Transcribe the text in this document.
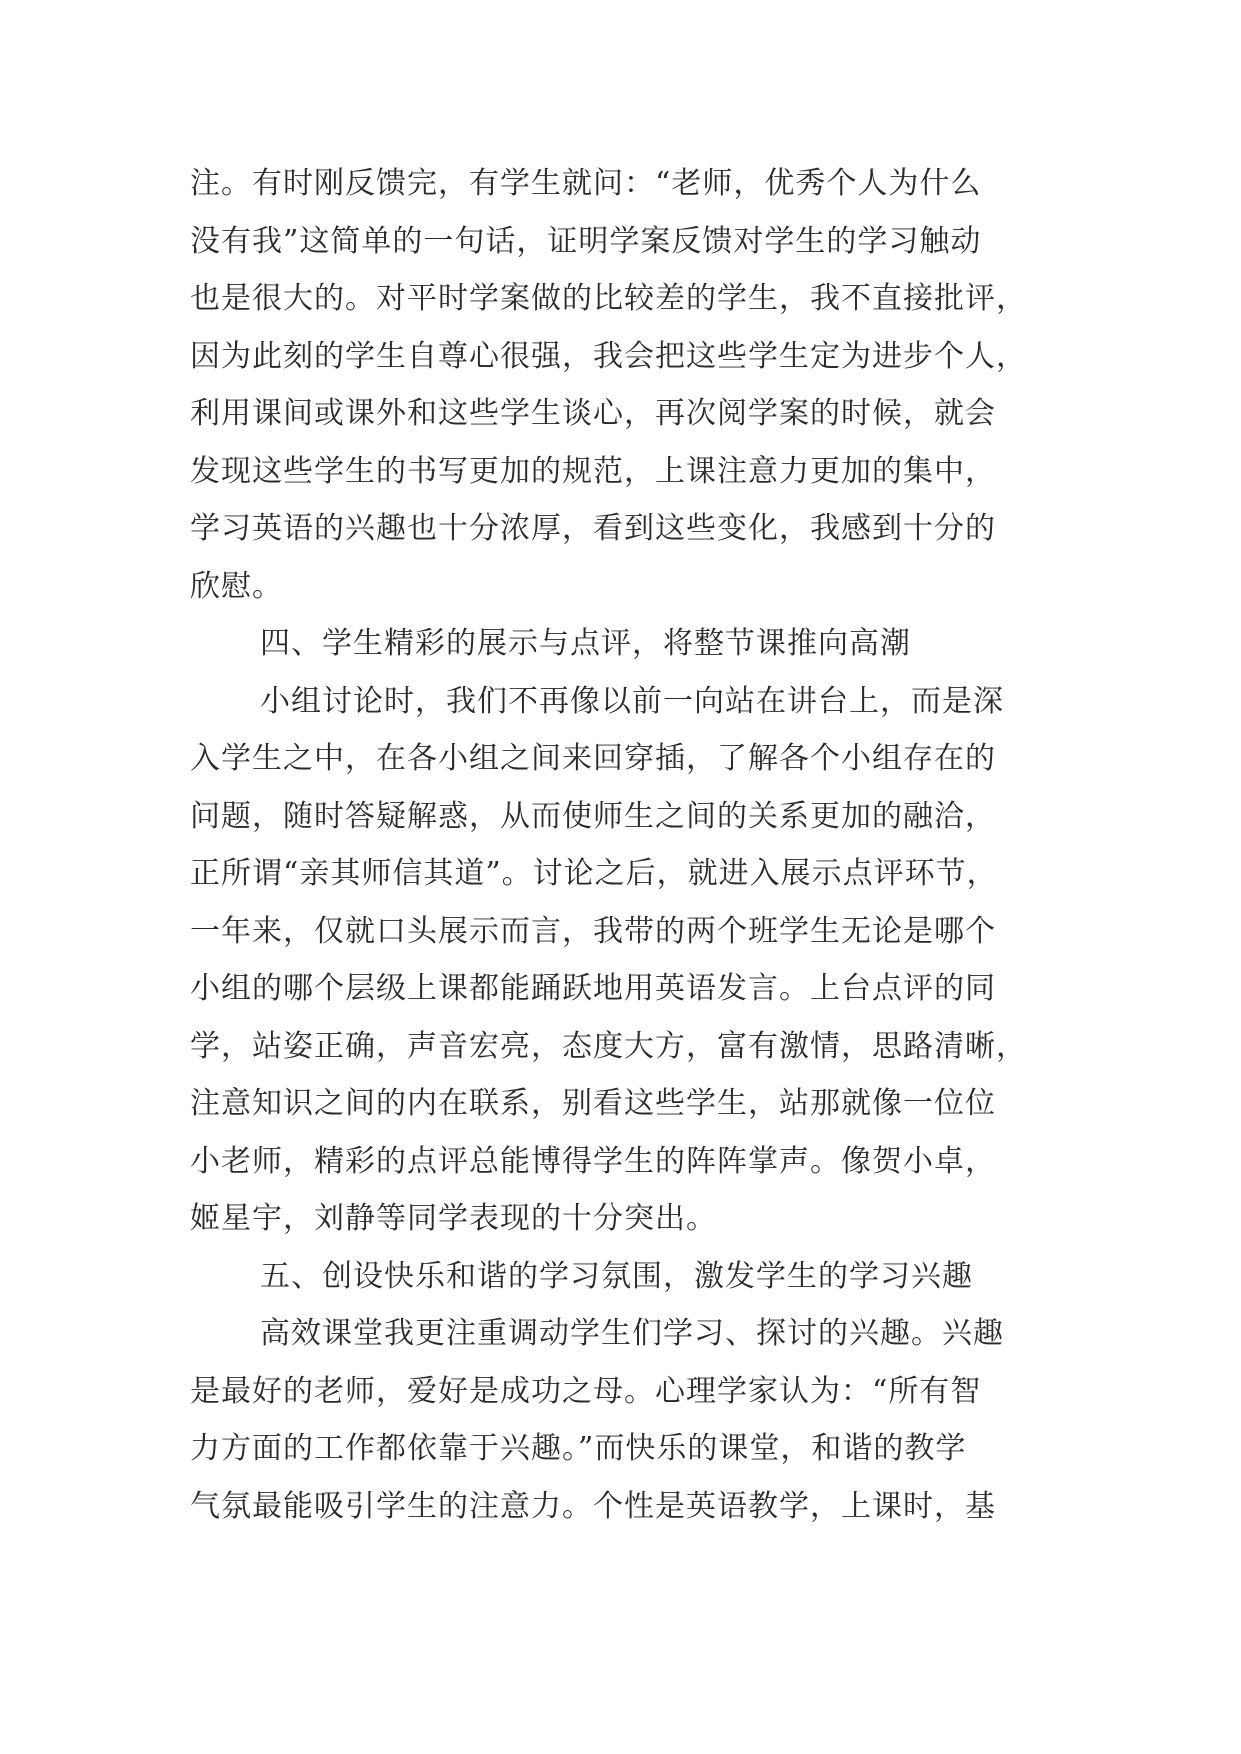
注。有时刚反馈完，有学生就问：“老师，优秀个人为什么
没有我”这简单的一句话，证明学案反馈对学生的学习触动
也是很大的。对平时学案做的比较差的学生，我不直接批评，
因为此刻的学生自尊心很强，我会把这些学生定为进步个人，
利用课间或课外和这些学生谈心，再次阅学案的时候，就会
发现这些学生的书写更加的规范，上课注意力更加的集中，
学习英语的兴趣也十分浓厚，看到这些变化，我感到十分的
欣慰。
四、学生精彩的展示与点评，将整节课推向高潮
小组讨论时，我们不再像以前一向站在讲台上，而是深
入学生之中，在各小组之间来回穿插，了解各个小组存在的
问题，随时答疑解惑，从而使师生之间的关系更加的融洽，
正所谓“亲其师信其道”。讨论之后，就进入展示点评环节，
一年来，仅就口头展示而言，我带的两个班学生无论是哪个
小组的哪个层级上课都能踊跃地用英语发言。上台点评的同
学，站姿正确，声音宏亮，态度大方，富有激情，思路清晰，
注意知识之间的内在联系，别看这些学生，站那就像一位位
小老师，精彩的点评总能博得学生的阵阵掌声。像贺小卓，
姬星宇，刘静等同学表现的十分突出。
五、创设快乐和谐的学习氛围，激发学生的学习兴趣
高效课堂我更注重调动学生们学习、探讨的兴趣。兴趣
是最好的老师，爱好是成功之母。心理学家认为：“所有智
力方面的工作都依靠于兴趣。”而快乐的课堂，和谐的教学
气氛最能吸引学生的注意力。个性是英语教学，上课时，基
